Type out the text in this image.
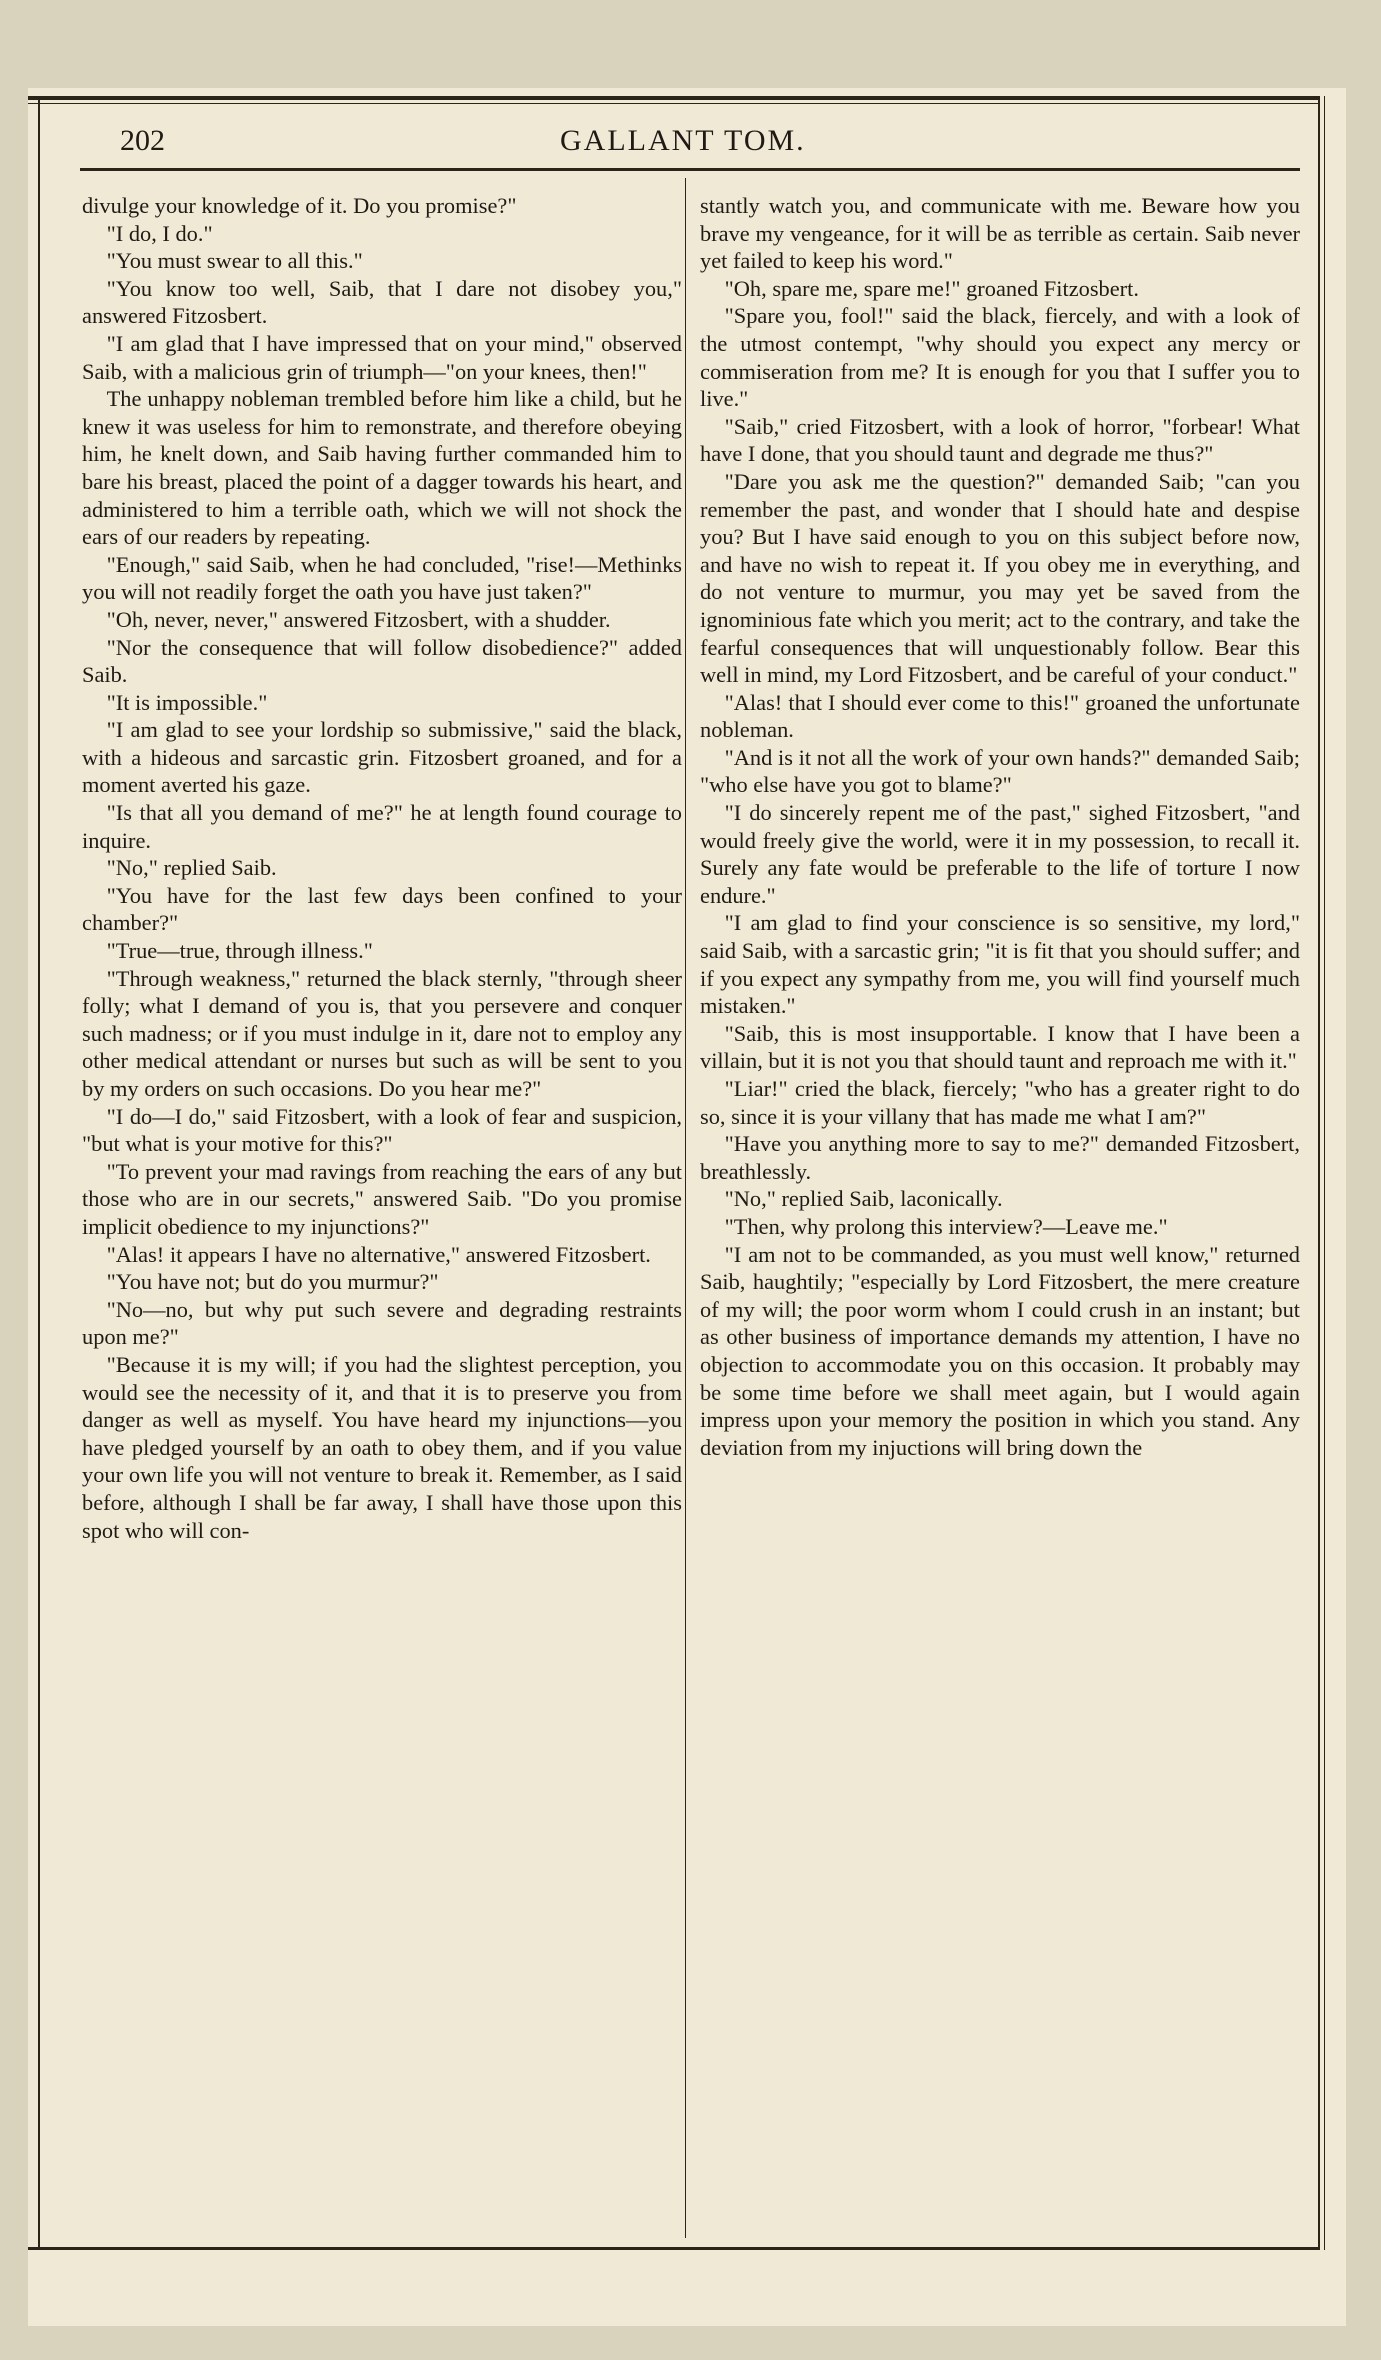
202	GALLANT TOM.

divulge your knowledge of it. Do you promise?"

"I do, I do."

"You must swear to all this."

"You know too well, Saib, that I dare not disobey you," answered Fitzosbert.

"I am glad that I have impressed that on your mind," observed Saib, with a malicious grin of triumph—"on your knees, then!"

The unhappy nobleman trembled before him like a child, but he knew it was useless for him to remonstrate, and therefore obeying him, he knelt down, and Saib having further commanded him to bare his breast, placed the point of a dagger towards his heart, and administered to him a terrible oath, which we will not shock the ears of our readers by repeating.

"Enough," said Saib, when he had concluded, "rise!—Methinks you will not readily forget the oath you have just taken?"

"Oh, never, never," answered Fitzosbert, with a shudder.

"Nor the consequence that will follow disobedience?" added Saib.

"It is impossible."

"I am glad to see your lordship so submissive," said the black, with a hideous and sarcastic grin. Fitzosbert groaned, and for a moment averted his gaze.

"Is that all you demand of me?" he at length found courage to inquire.

"No," replied Saib.

"You have for the last few days been confined to your chamber?"

"True—true, through illness."

"Through weakness," returned the black sternly, "through sheer folly; what I demand of you is, that you persevere and conquer such madness; or if you must indulge in it, dare not to employ any other medical attendant or nurses but such as will be sent to you by my orders on such occasions. Do you hear me?"

"I do—I do," said Fitzosbert, with a look of fear and suspicion, "but what is your motive for this?"

"To prevent your mad ravings from reaching the ears of any but those who are in our secrets," answered Saib. "Do you promise implicit obedience to my injunctions?"

"Alas! it appears I have no alternative," answered Fitzosbert.

"You have not; but do you murmur?"

"No—no, but why put such severe and degrading restraints upon me?"

"Because it is my will; if you had the slightest perception, you would see the necessity of it, and that it is to preserve you from danger as well as myself. You have heard my injunctions—you have pledged yourself by an oath to obey them, and if you value your own life you will not venture to break it. Remember, as I said before, although I shall be far away, I shall have those upon this spot who will con-

stantly watch you, and communicate with me. Beware how you brave my vengeance, for it will be as terrible as certain. Saib never yet failed to keep his word."

"Oh, spare me, spare me!" groaned Fitzosbert.

"Spare you, fool!" said the black, fiercely, and with a look of the utmost contempt, "why should you expect any mercy or commiseration from me? It is enough for you that I suffer you to live."

"Saib," cried Fitzosbert, with a look of horror, "forbear! What have I done, that you should taunt and degrade me thus?"

"Dare you ask me the question?" demanded Saib; "can you remember the past, and wonder that I should hate and despise you? But I have said enough to you on this subject before now, and have no wish to repeat it. If you obey me in everything, and do not venture to murmur, you may yet be saved from the ignominious fate which you merit; act to the contrary, and take the fearful consequences that will unquestionably follow. Bear this well in mind, my Lord Fitzosbert, and be careful of your conduct."

"Alas! that I should ever come to this!" groaned the unfortunate nobleman.

"And is it not all the work of your own hands?" demanded Saib; "who else have you got to blame?"

"I do sincerely repent me of the past," sighed Fitzosbert, "and would freely give the world, were it in my possession, to recall it. Surely any fate would be preferable to the life of torture I now endure."

"I am glad to find your conscience is so sensitive, my lord," said Saib, with a sarcastic grin; "it is fit that you should suffer; and if you expect any sympathy from me, you will find yourself much mistaken."

"Saib, this is most insupportable. I know that I have been a villain, but it is not you that should taunt and reproach me with it."

"Liar!" cried the black, fiercely; "who has a greater right to do so, since it is your villany that has made me what I am?"

"Have you anything more to say to me?" demanded Fitzosbert, breathlessly.

"No," replied Saib, laconically.

"Then, why prolong this interview?—Leave me."

"I am not to be commanded, as you must well know," returned Saib, haughtily; "especially by Lord Fitzosbert, the mere creature of my will; the poor worm whom I could crush in an instant; but as other business of importance demands my attention, I have no objection to accommodate you on this occasion. It probably may be some time before we shall meet again, but I would again impress upon your memory the position in which you stand. Any deviation from my injuctions will bring down the
